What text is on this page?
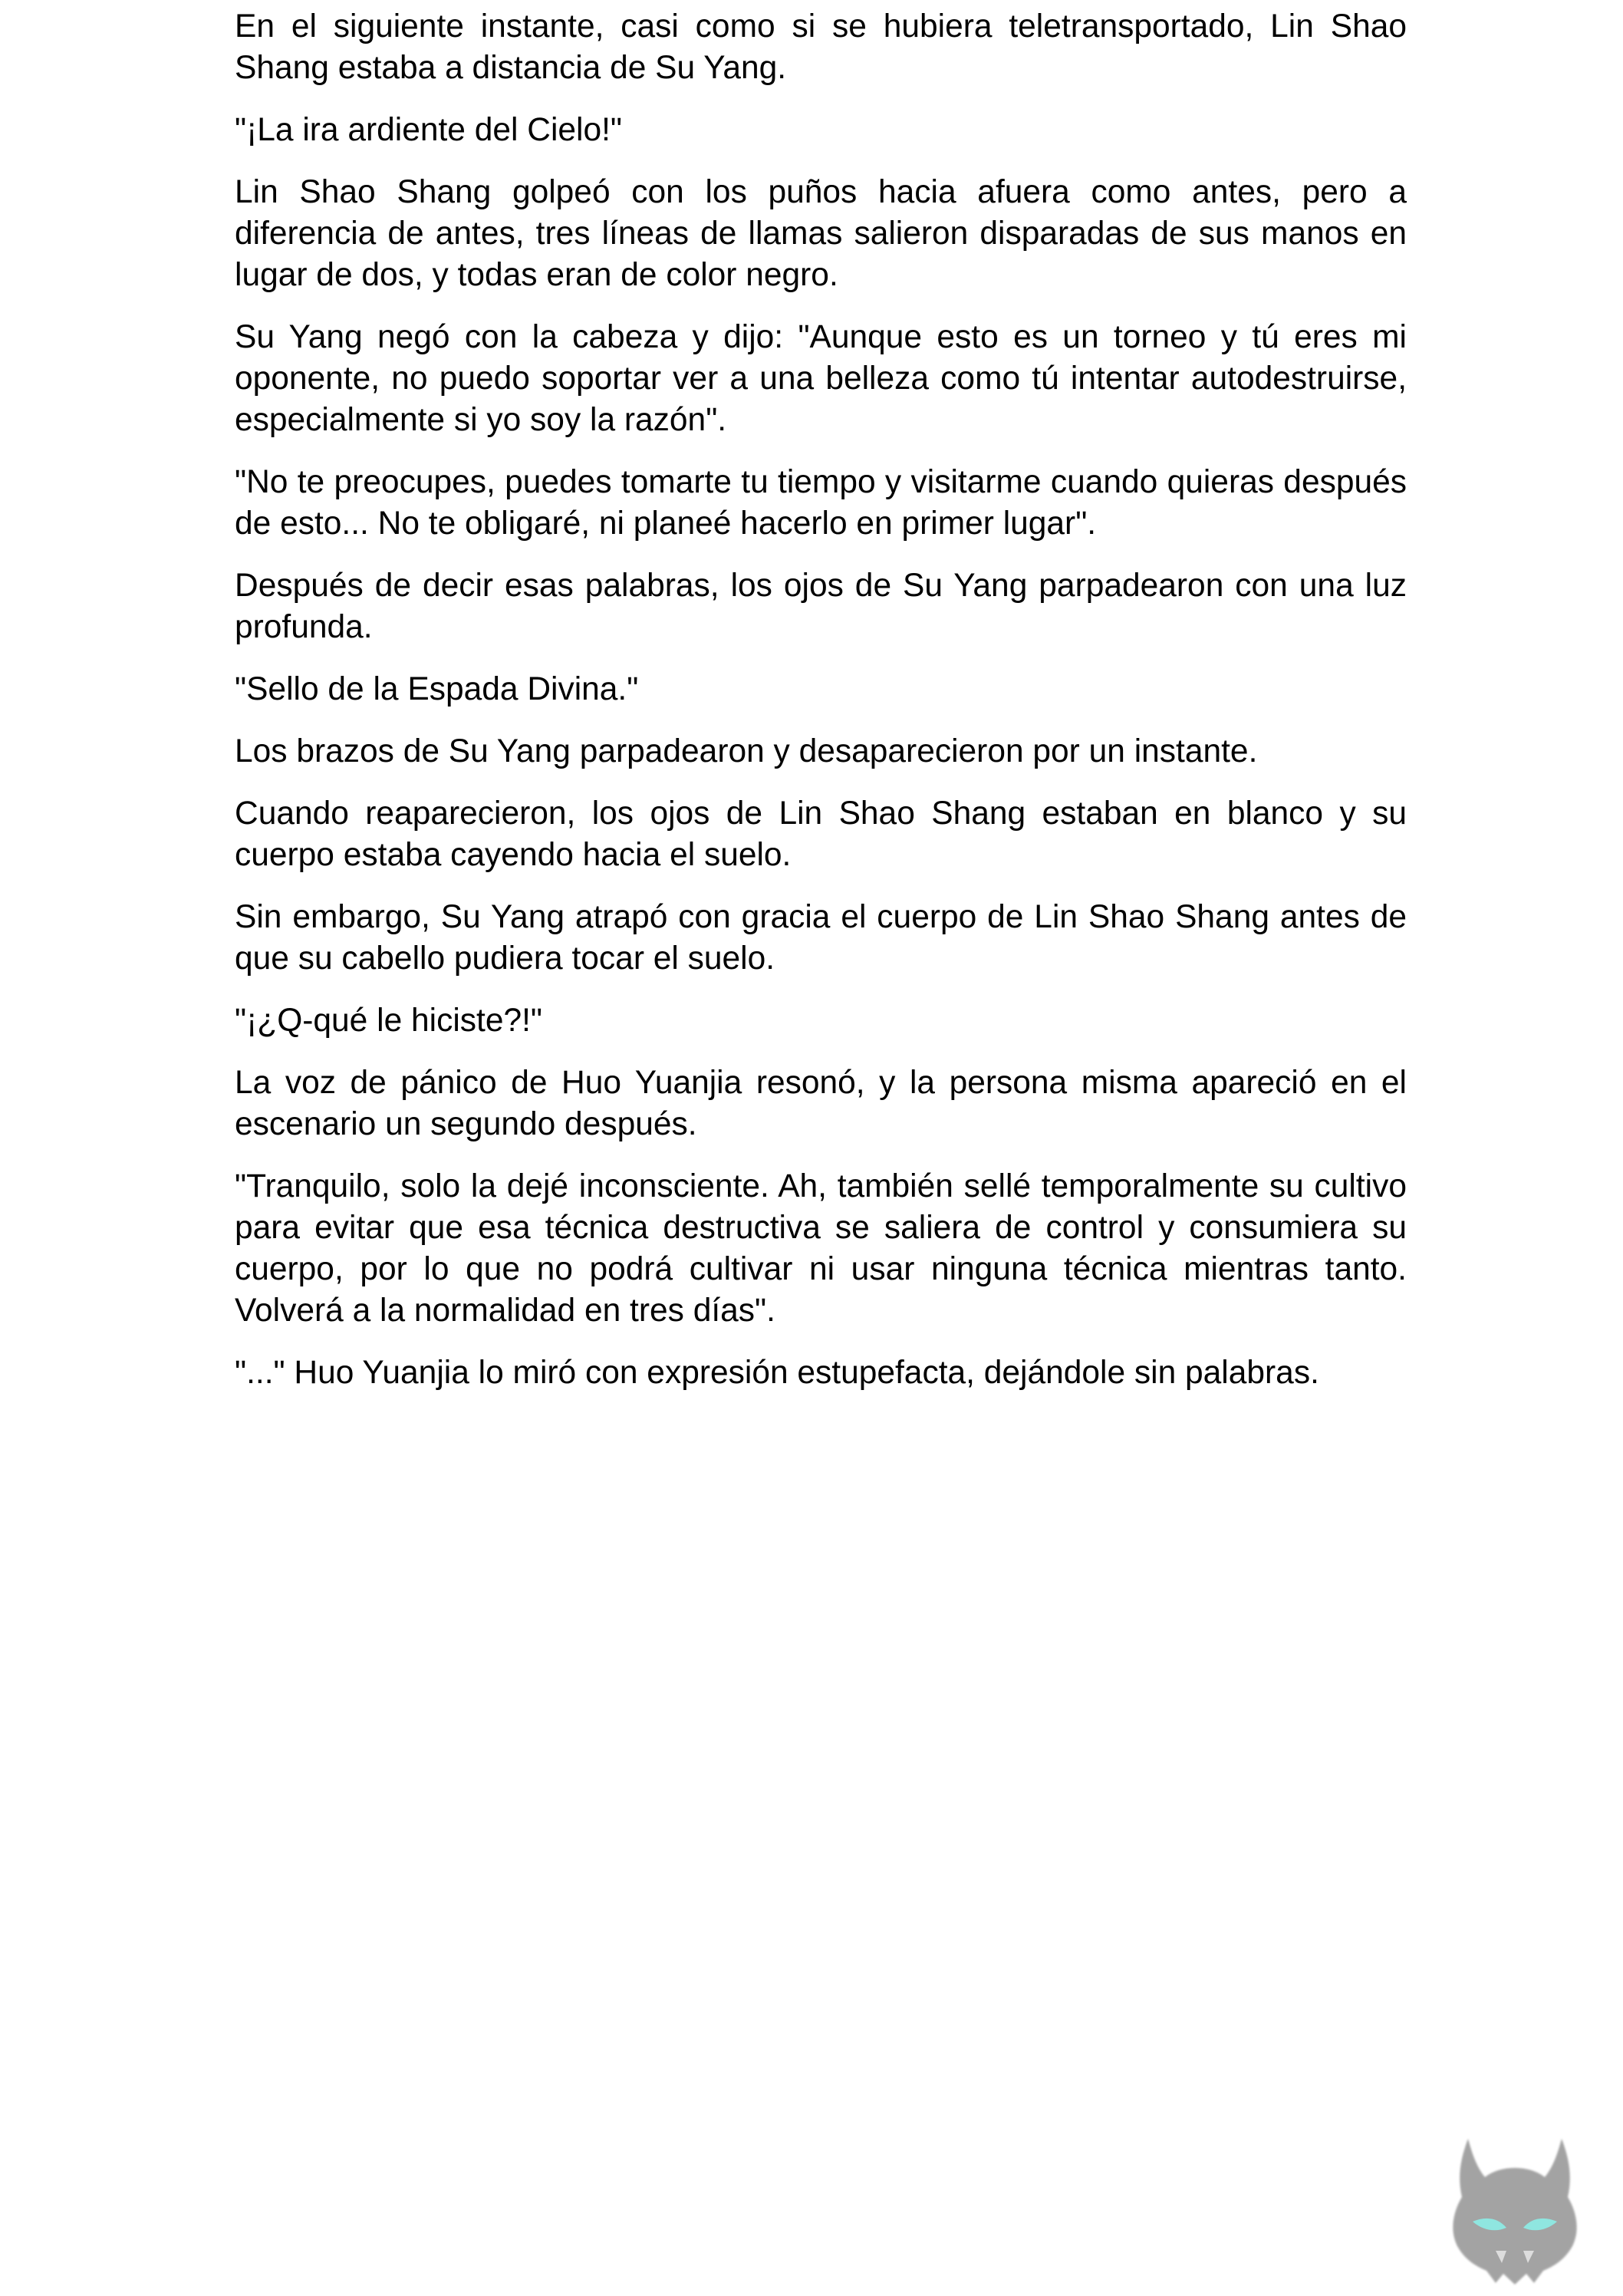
En el siguiente instante, casi como si se hubiera teletransportado, Lin Shao Shang estaba a distancia de Su Yang.

"¡La ira ardiente del Cielo!"

Lin Shao Shang golpeó con los puños hacia afuera como antes, pero a diferencia de antes, tres líneas de llamas salieron disparadas de sus manos en lugar de dos, y todas eran de color negro.

Su Yang negó con la cabeza y dijo: "Aunque esto es un torneo y tú eres mi oponente, no puedo soportar ver a una belleza como tú intentar autodestruirse, especialmente si yo soy la razón".

"No te preocupes, puedes tomarte tu tiempo y visitarme cuando quieras después de esto... No te obligaré, ni planeé hacerlo en primer lugar".

Después de decir esas palabras, los ojos de Su Yang parpadearon con una luz profunda.

"Sello de la Espada Divina."

Los brazos de Su Yang parpadearon y desaparecieron por un instante.

Cuando reaparecieron, los ojos de Lin Shao Shang estaban en blanco y su cuerpo estaba cayendo hacia el suelo.

Sin embargo, Su Yang atrapó con gracia el cuerpo de Lin Shao Shang antes de que su cabello pudiera tocar el suelo.

"¡¿Q-qué le hiciste?!"

La voz de pánico de Huo Yuanjia resonó, y la persona misma apareció en el escenario un segundo después.

"Tranquilo, solo la dejé inconsciente. Ah, también sellé temporalmente su cultivo para evitar que esa técnica destructiva se saliera de control y consumiera su cuerpo, por lo que no podrá cultivar ni usar ninguna técnica mientras tanto. Volverá a la normalidad en tres días".

"..." Huo Yuanjia lo miró con expresión estupefacta, dejándole sin palabras.
